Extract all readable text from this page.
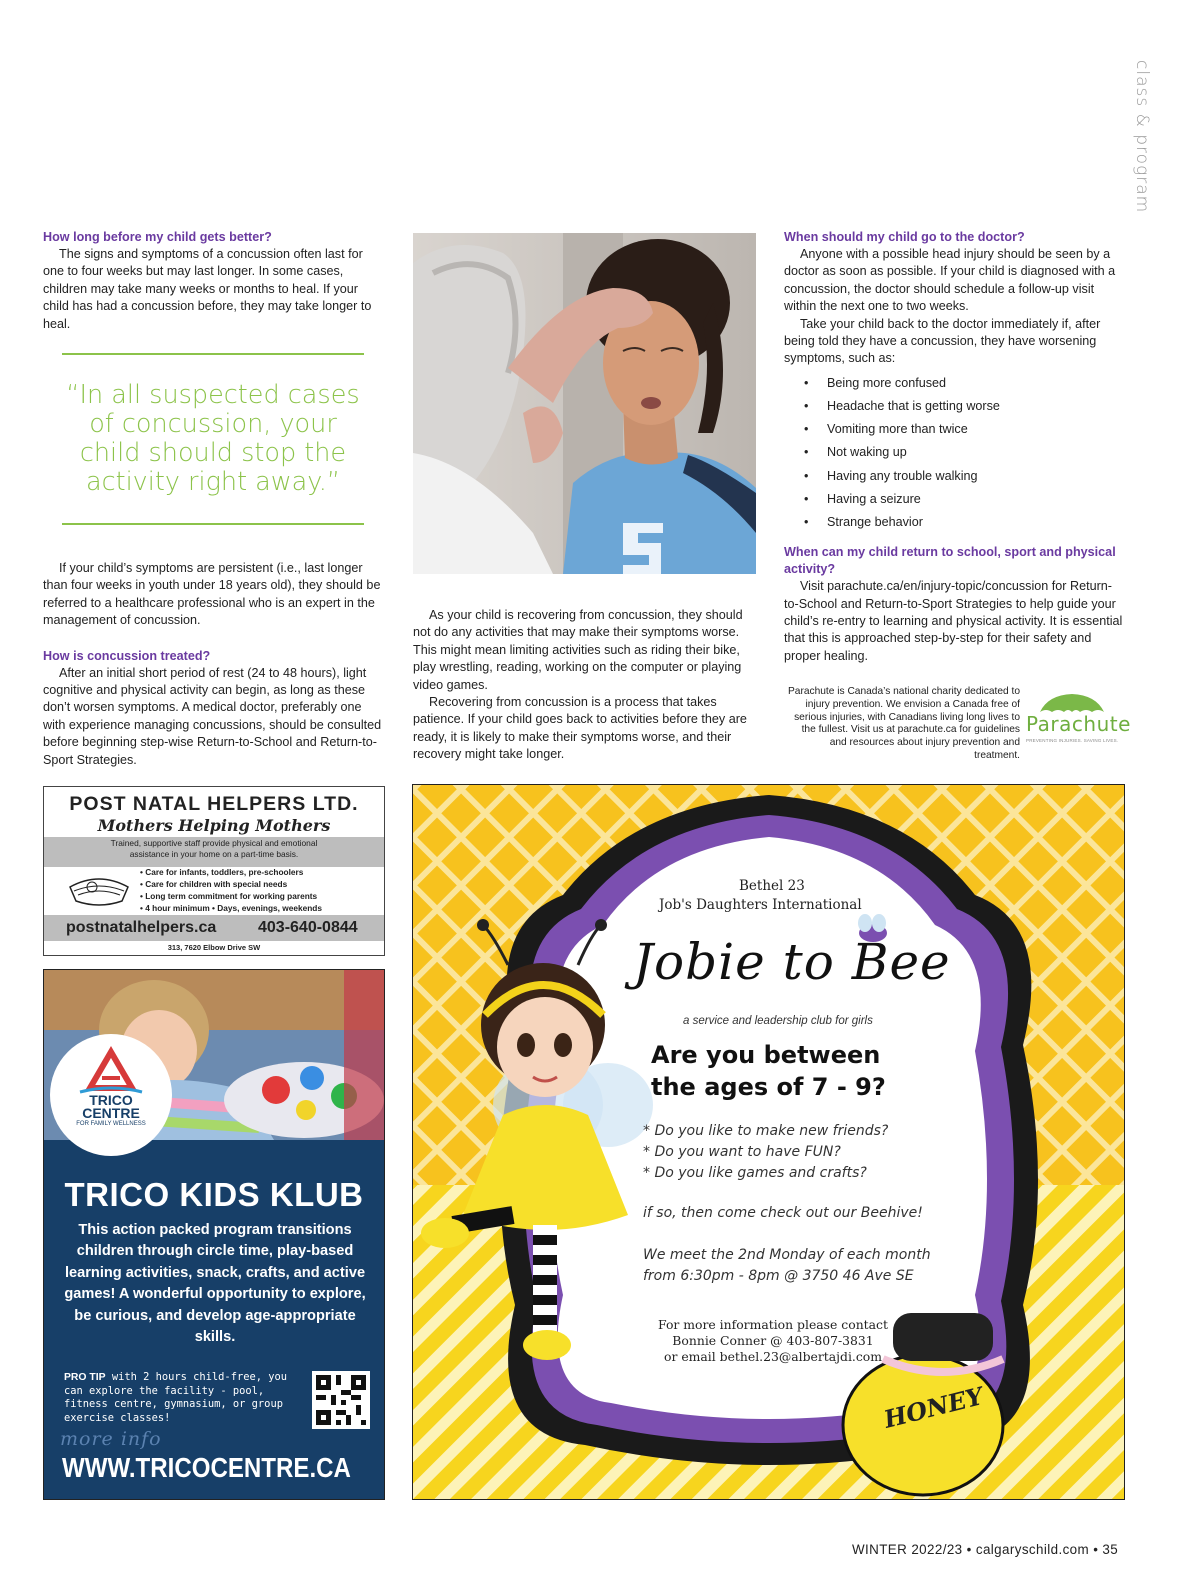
class & program
How long before my child gets better?

The signs and symptoms of a concussion often last for one to four weeks but may last longer. In some cases, children may take many weeks or months to heal. If your child has had a concussion before, they may take longer to heal.

“In all suspected cases of concussion, your child should stop the activity right away.”

If your child’s symptoms are persistent (i.e., last longer than four weeks in youth under 18 years old), they should be referred to a healthcare professional who is an expert in the management of concussion.

How is concussion treated?

After an initial short period of rest (24 to 48 hours), light cognitive and physical activity can begin, as long as these don’t worsen symptoms. A medical doctor, preferably one with experience managing concussions, should be consulted before beginning step-wise Return-to-School and Return-to-Sport Strategies.

As your child is recovering from concussion, they should not do any activities that may make their symptoms worse. This might mean limiting activities such as riding their bike, play wrestling, reading, working on the computer or playing video games.

Recovering from concussion is a process that takes patience. If your child goes back to activities before they are ready, it is likely to make their symptoms worse, and their recovery might take longer.

When should my child go to the doctor?

Anyone with a possible head injury should be seen by a doctor as soon as possible. If your child is diagnosed with a concussion, the doctor should schedule a follow-up visit within the next one to two weeks.

Take your child back to the doctor immediately if, after being told they have a concussion, they have worsening symptoms, such as:

• Being more confused
• Headache that is getting worse
• Vomiting more than twice
• Not waking up
• Having any trouble walking
• Having a seizure
• Strange behavior
When can my child return to school, sport and physical activity?

Visit parachute.ca/en/injury-topic/concussion for Return-to-School and Return-to-Sport Strategies to help guide your child’s re-entry to learning and physical activity. It is essential that this is approached step-by-step for their safety and proper healing.

Parachute is Canada’s national charity dedicated to injury prevention. We envision a Canada free of serious injuries, with Canadians living long lives to the fullest. Visit us at parachute.ca for guidelines and resources about injury prevention and treatment.
Parachute
PREVENTING INJURIES. SAVING LIVES.
POST NATAL HELPERS LTD.
Mothers Helping Mothers
Trained, supportive staff provide physical and emotional
assistance in your home on a part-time basis.
• Care for infants, toddlers, pre-schoolers
• Care for children with special needs
• Long term commitment for working parents
• 4 hour minimum • Days, evenings, weekends
postnatalhelpers.ca	403-640-0844
313, 7620 Elbow Drive SW
TRICO
CENTRE
FOR FAMILY WELLNESS
TRICO KIDS KLUB
This action packed program transitions children through circle time, play-based learning activities, snack, crafts, and active games! A wonderful opportunity to explore, be curious, and develop age-appropriate skills.
PRO TIP with 2 hours child-free, you can explore the facility - pool, fitness centre, gymnasium, or group exercise classes!
more info
WWW.TRICOCENTRE.CA
Bethel 23
Job's Daughters International
Jobie to Bee
a service and leadership club for girls
Are you between
the ages of 7 - 9?
* Do you like to make new friends?
* Do you want to have FUN?
* Do you like games and crafts?
if so, then come check out our Beehive!
We meet the 2nd Monday of each month
from 6:30pm - 8pm @ 3750 46 Ave SE
For more information please contact
Bonnie Conner @ 403-807-3831
or email bethel.23@albertajdi.com
HONEY
WINTER 2022/23 • calgaryschild.com • 35
